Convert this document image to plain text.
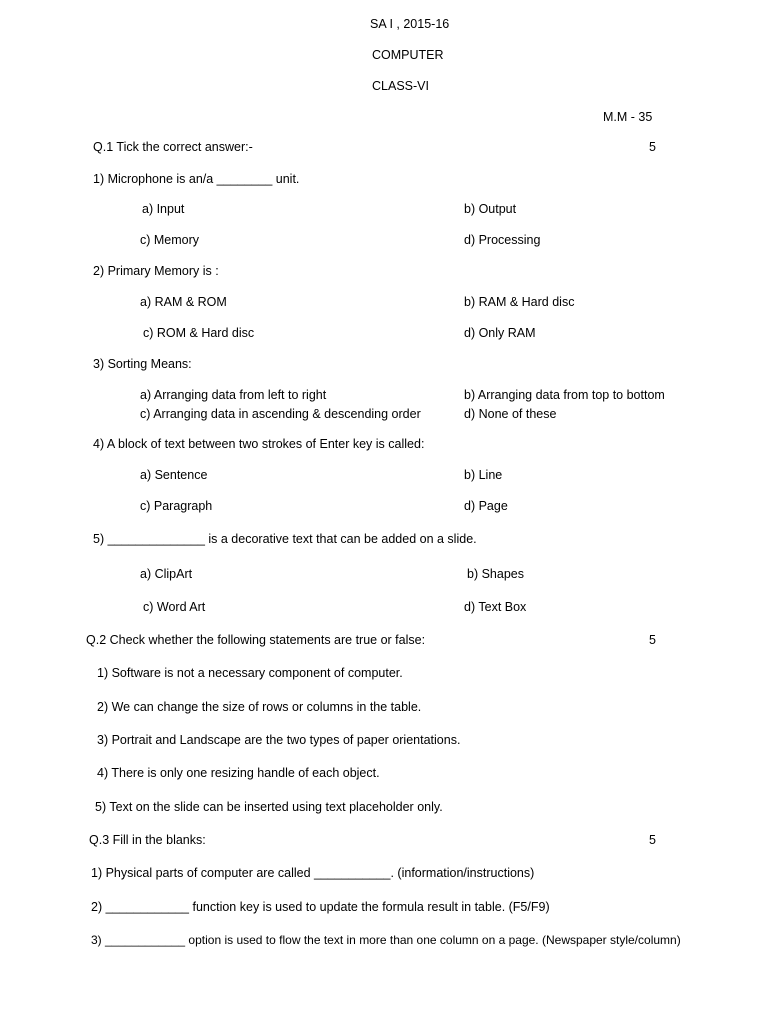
SA I , 2015-16
COMPUTER
CLASS-VI
M.M - 35
Q.1 Tick the correct answer:-	5
1) Microphone is an/a ________ unit.
a) Input	b) Output
c) Memory	d) Processing
2) Primary Memory is :
a) RAM & ROM	b) RAM & Hard disc
c) ROM & Hard disc	d) Only RAM
3) Sorting Means:
a) Arranging data from left to right	b) Arranging data from top to bottom
c) Arranging data in ascending & descending order	d) None of these
4) A block of text between two strokes of Enter key is called:
a) Sentence	b) Line
c) Paragraph	d) Page
5) ______________ is a decorative text that can be added on a slide.
a) ClipArt	b) Shapes
c) Word Art	d) Text Box
Q.2 Check whether the following statements are true or false:	5
1) Software is not a necessary component of computer.
2) We can change the size of rows or columns in the table.
3) Portrait and Landscape are the two types of paper orientations.
4) There is only one resizing handle of each object.
5) Text on the slide can be inserted using text placeholder only.
Q.3 Fill in the blanks:	5
1) Physical parts of computer are called ___________. (information/instructions)
2) ____________ function key is used to update the formula result in table. (F5/F9)
3) ____________ option is used to flow the text in more than one column on a page. (Newspaper style/column)
